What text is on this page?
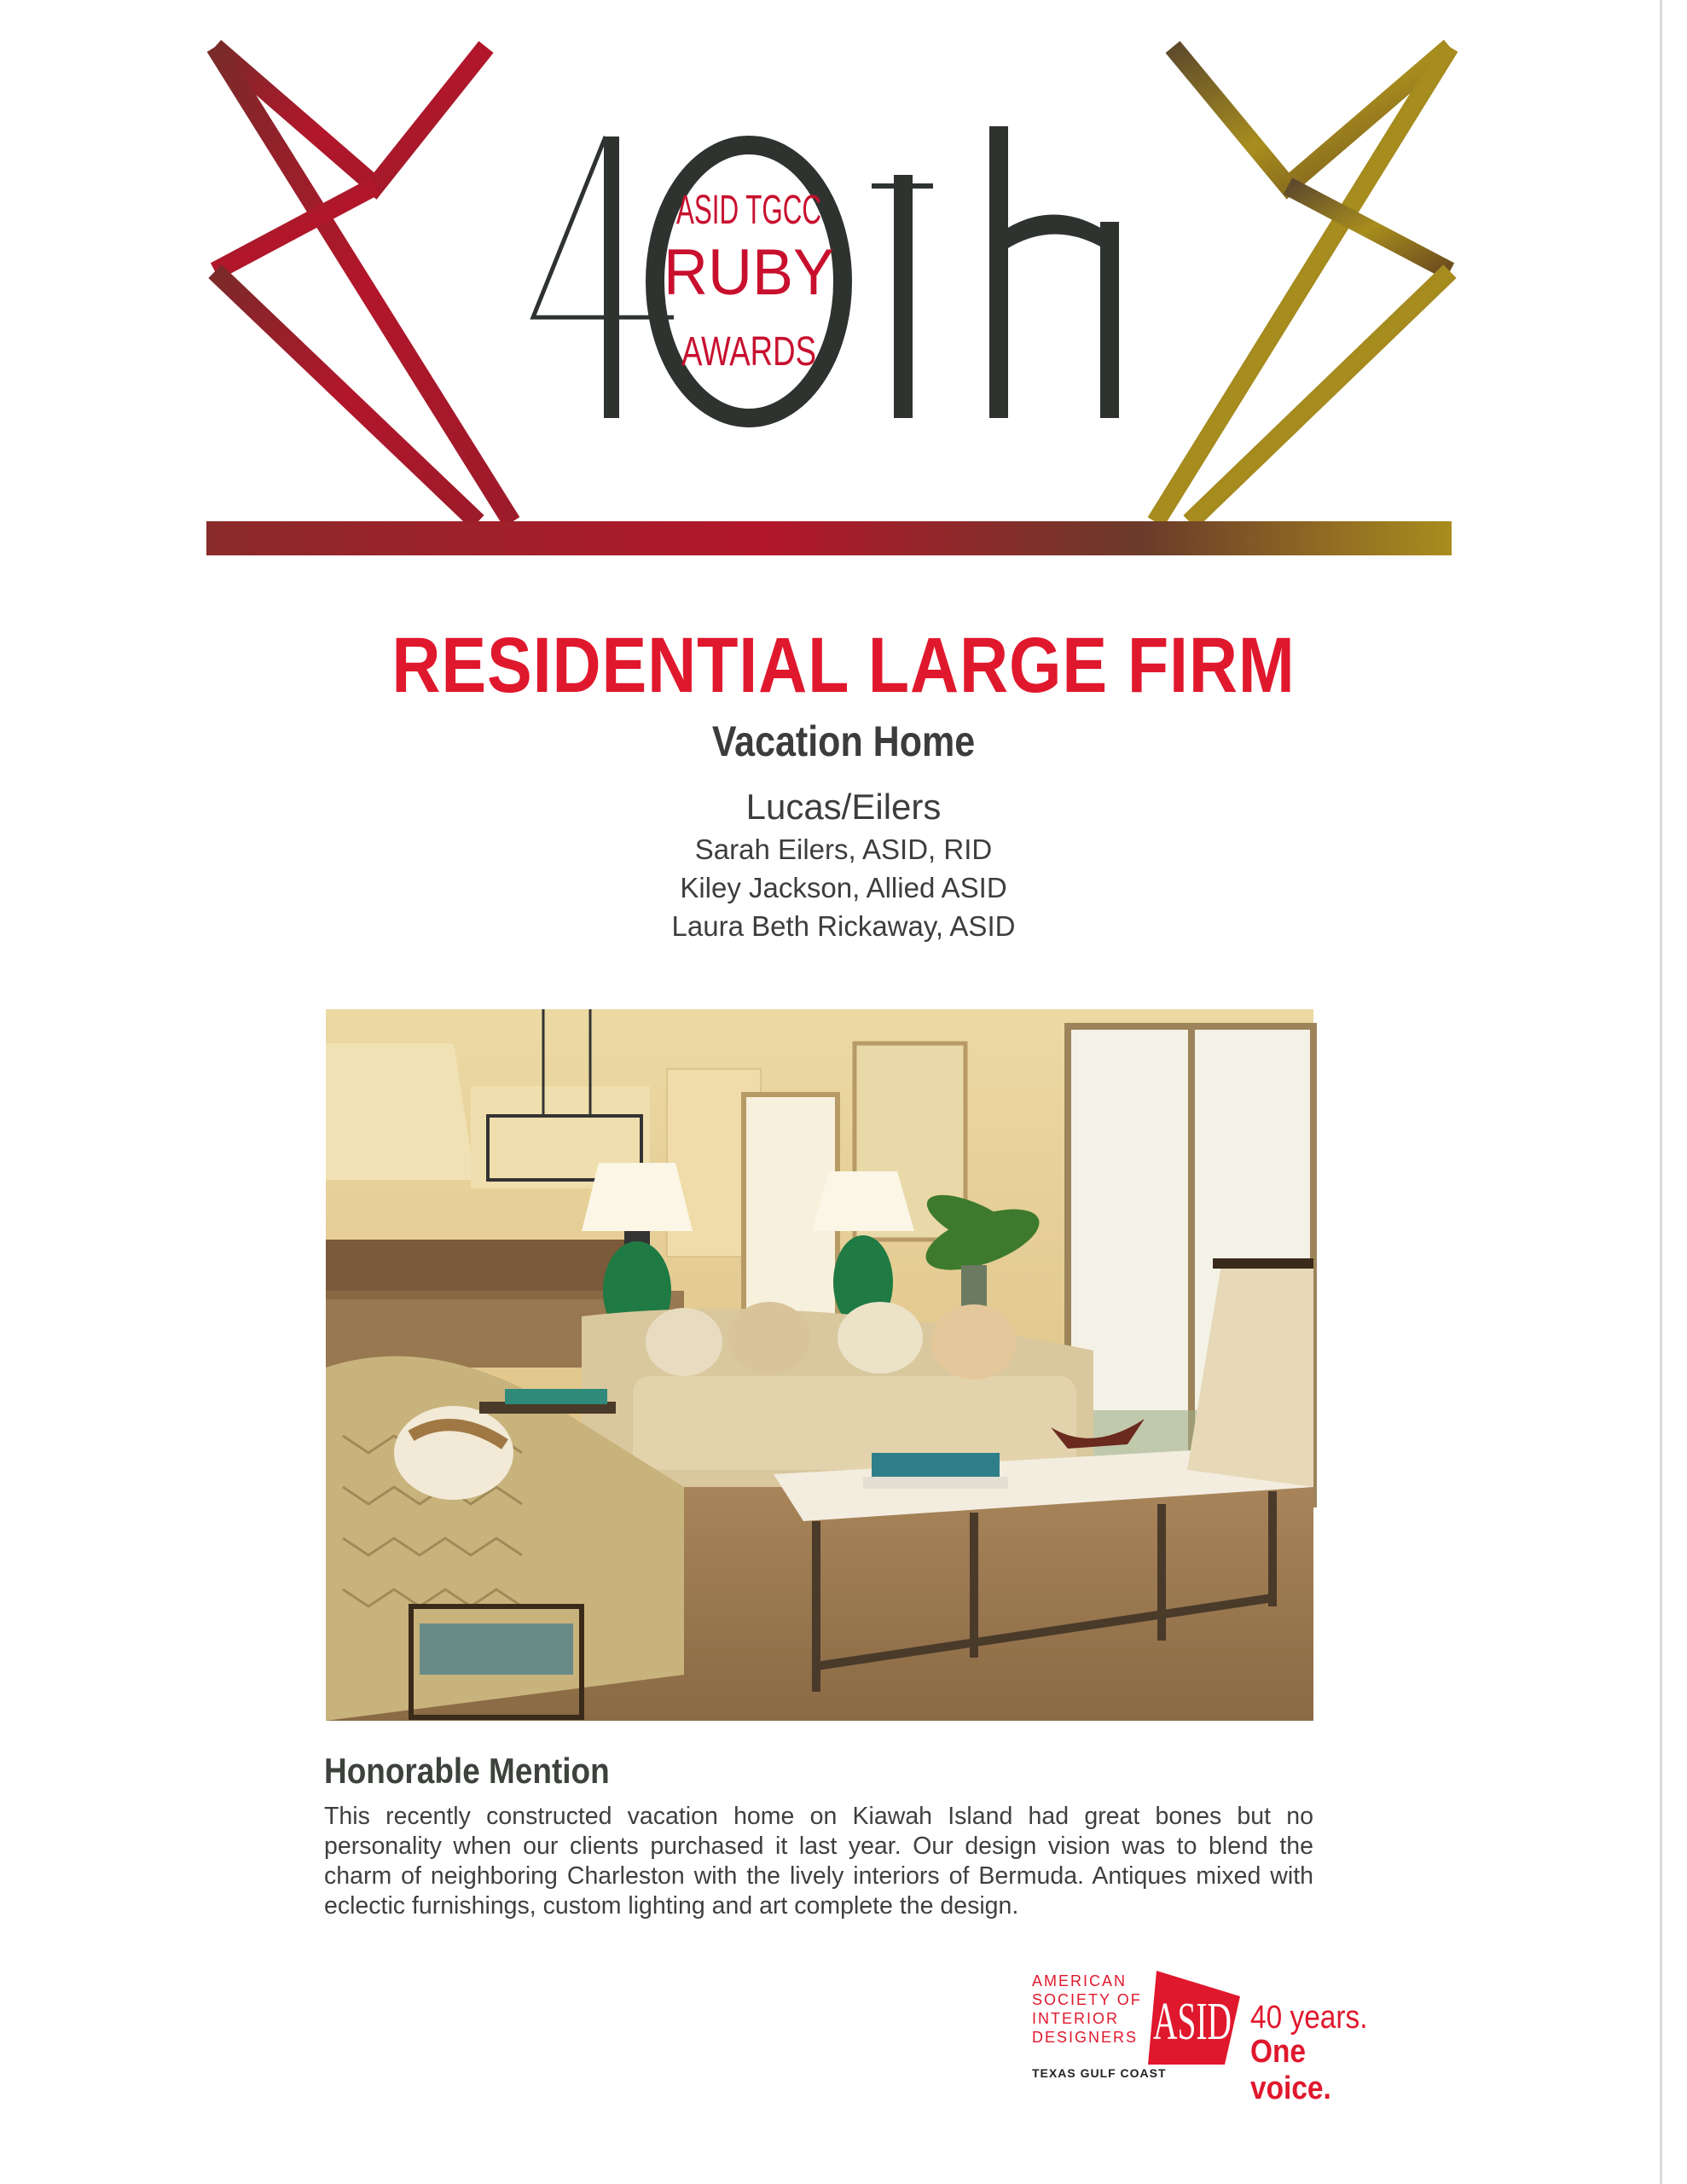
ASID TGCC
RUBY
AWARDS
RESIDENTIAL LARGE FIRM
Vacation Home
Lucas/Eilers
Sarah Eilers, ASID, RID
Kiley Jackson, Allied ASID
Laura Beth Rickaway, ASID
Honorable Mention
This recently constructed vacation home on Kiawah Island had great bones but no personality when our clients purchased it last year. Our design vision was to blend the charm of neighboring Charleston with the lively interiors of Bermuda. Antiques mixed with eclectic furnishings, custom lighting and art complete the design.
AMERICAN
SOCIETY OF
INTERIOR
DESIGNERS ASID
TEXAS GULF COAST
40 years.
One voice.
